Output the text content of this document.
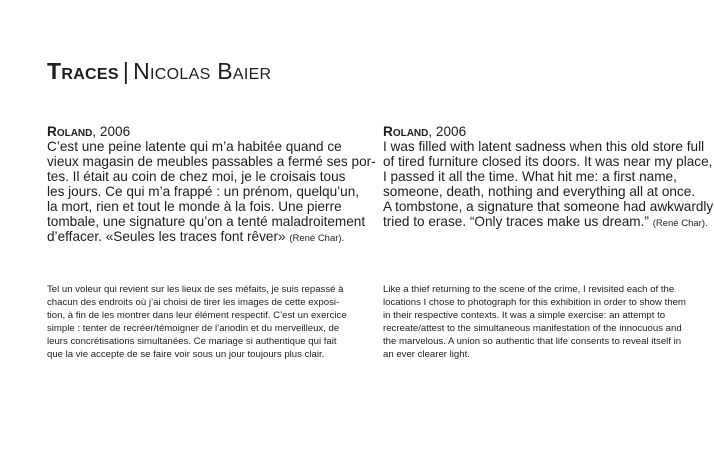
Traces | Nicolas Baier

Roland, 2006

C’est une peine latente qui m’a habitée quand ce
vieux magasin de meubles passables a fermé ses por-
tes. Il était au coin de chez moi, je le croisais tous
les jours. Ce qui m’a frappé : un prénom, quelqu’un,
la mort, rien et tout le monde à la fois. Une pierre
tombale, une signature qu’on a tenté maladroitement
d’effacer. «Seules les traces font rêver» (René Char).

Roland, 2006

I was filled with latent sadness when this old store full
of tired furniture closed its doors. It was near my place,
I passed it all the time. What hit me: a first name,
someone, death, nothing and everything all at once.
A tombstone, a signature that someone had awkwardly
tried to erase. “Only traces make us dream.” (René Char).

Tel un voleur qui revient sur les lieux de ses méfaits, je suis repassé à
chacun des endroits où j’ai choisi de tirer les images de cette exposi-
tion, à fin de les montrer dans leur élément respectif. C’est un exercice
simple : tenter de recréer/témoigner de l’anodin et du merveilleux, de
leurs concrétisations simultanées. Ce mariage si authentique qui fait
que la vie accepte de se faire voir sous un jour toujours plus clair.

Like a thief returning to the scene of the crime, I revisited each of the
locations I chose to photograph for this exhibition in order to show them
in their respective contexts. It was a simple exercise: an attempt to
recreate/attest to the simultaneous manifestation of the innocuous and
the marvelous. A union so authentic that life consents to reveal itself in
an ever clearer light.
